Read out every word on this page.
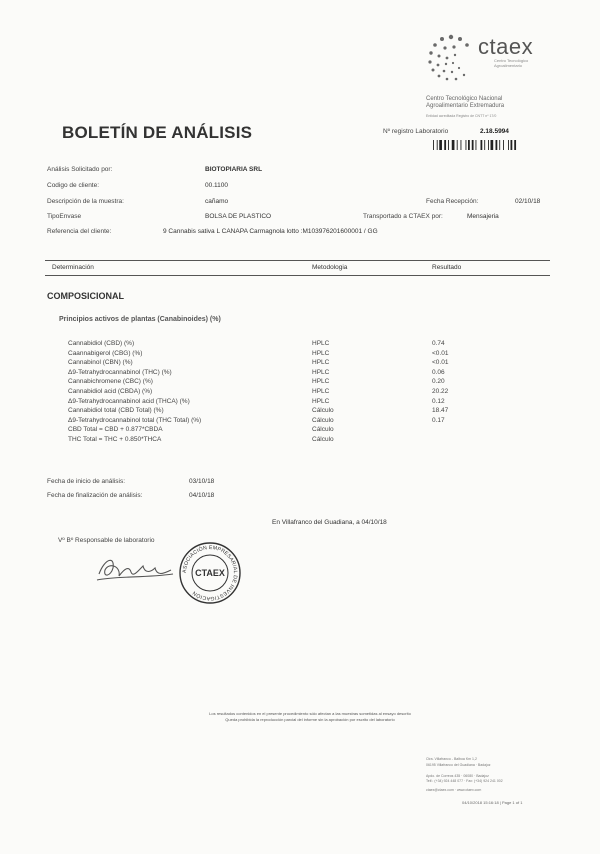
ctaex
Centro Tecnológico Agroalimentario
Centro Tecnológico Nacional
Agroalimentario Extremadura
Entidad acreditada Registro de CNTT nº 17/0
BOLETÍN DE ANÁLISIS	Nº registro Laboratorio	2.18.5994
Análisis Solicitado por:	BIOTOPIARIA SRL
Codigo de cliente:	00.1100
Descripción de la muestra:	cañamo	Fecha Recepción:	02/10/18
TipoEnvase	BOLSA DE PLASTICO	Transportado a CTAEX por:	Mensajeria
Referencia del cliente:	9 Cannabis sativa L CANAPA Carmagnola lotto :M103976201600001 / GG
Determinación	Metodologia	Resultado
COMPOSICIONAL
Principios activos de plantas (Canabinoides) (%)
Cannabidiol (CBD) (%)	HPLC	0.74
Caannabigerol (CBG) (%)	HPLC	<0.01
Cannabinol (CBN) (%)	HPLC	<0.01
Δ9-Tetrahydrocannabinol (THC) (%)	HPLC	0.06
Cannabichromene (CBC) (%)	HPLC	0.20
Cannabidiol acid (CBDA) (%)	HPLC	20.22
Δ9-Tetrahydrocannabinol acid (THCA) (%)	HPLC	0.12
Cannabidiol total (CBD Total) (%)	Cálculo	18.47
Δ9-Tetrahydrocannabinol total (THC Total) (%)	Cálculo	0.17
CBD Total = CBD + 0.877*CBDA	Cálculo
THC Total = THC + 0.850*THCA	Cálculo
Fecha de inicio de análisis:	03/10/18
Fecha de finalización de análisis:	04/10/18
En Villafranco del Guadiana, a 04/10/18
Vº Bº Responsable de laboratorio
ASOCIACIÓN EMPRESARIAL DE INVESTIGACIÓN
CTAEX
Los resultados contenidos en el presente procedimiento sólo afectan a las muestras sometidas al ensayo descrito
Queda prohibida la reproducción parcial del informe sin la aprobación por escrito del laboratorio
Ctra. Villafranco - Balboa Km 1,2
06195 Villafranco del Guadiana · Badajoz
Apdo. de Correos 435 · 06080 · Badajoz
Telf.: (+34) 924 448 077 · Fax: (+34) 924 241 002
ctaex@ctaex.com · www.ctaex.com
04/10/2018 15:16:18 | Page 1 of 1
